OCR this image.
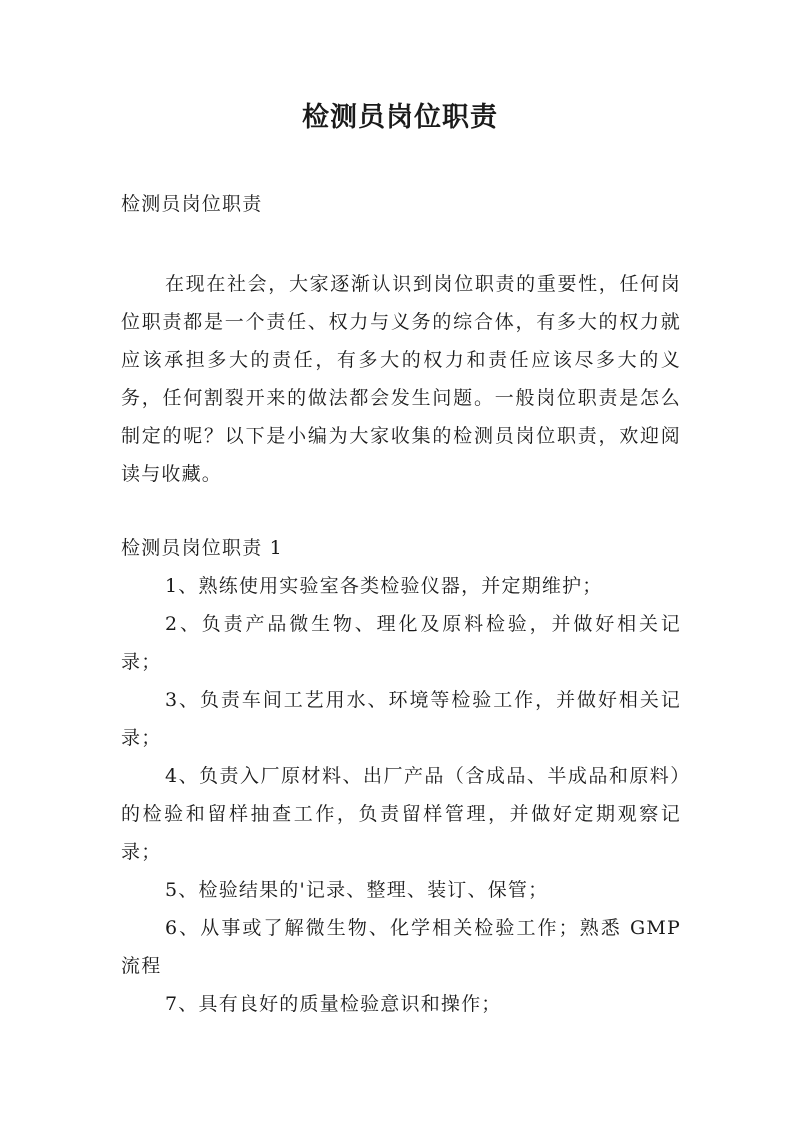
检测员岗位职责

检测员岗位职责

在现在社会，大家逐渐认识到岗位职责的重要性，任何岗位职责都是一个责任、权力与义务的综合体，有多大的权力就应该承担多大的责任，有多大的权力和责任应该尽多大的义务，任何割裂开来的做法都会发生问题。一般岗位职责是怎么制定的呢？以下是小编为大家收集的检测员岗位职责，欢迎阅读与收藏。

检测员岗位职责 1

1、熟练使用实验室各类检验仪器，并定期维护；
2、负责产品微生物、理化及原料检验，并做好相关记录；
3、负责车间工艺用水、环境等检验工作，并做好相关记录；
4、负责入厂原材料、出厂产品（含成品、半成品和原料）的检验和留样抽查工作，负责留样管理，并做好定期观察记录；
5、检验结果的'记录、整理、装订、保管；
6、从事或了解微生物、化学相关检验工作；熟悉 GMP 流程
7、具有良好的质量检验意识和操作；
